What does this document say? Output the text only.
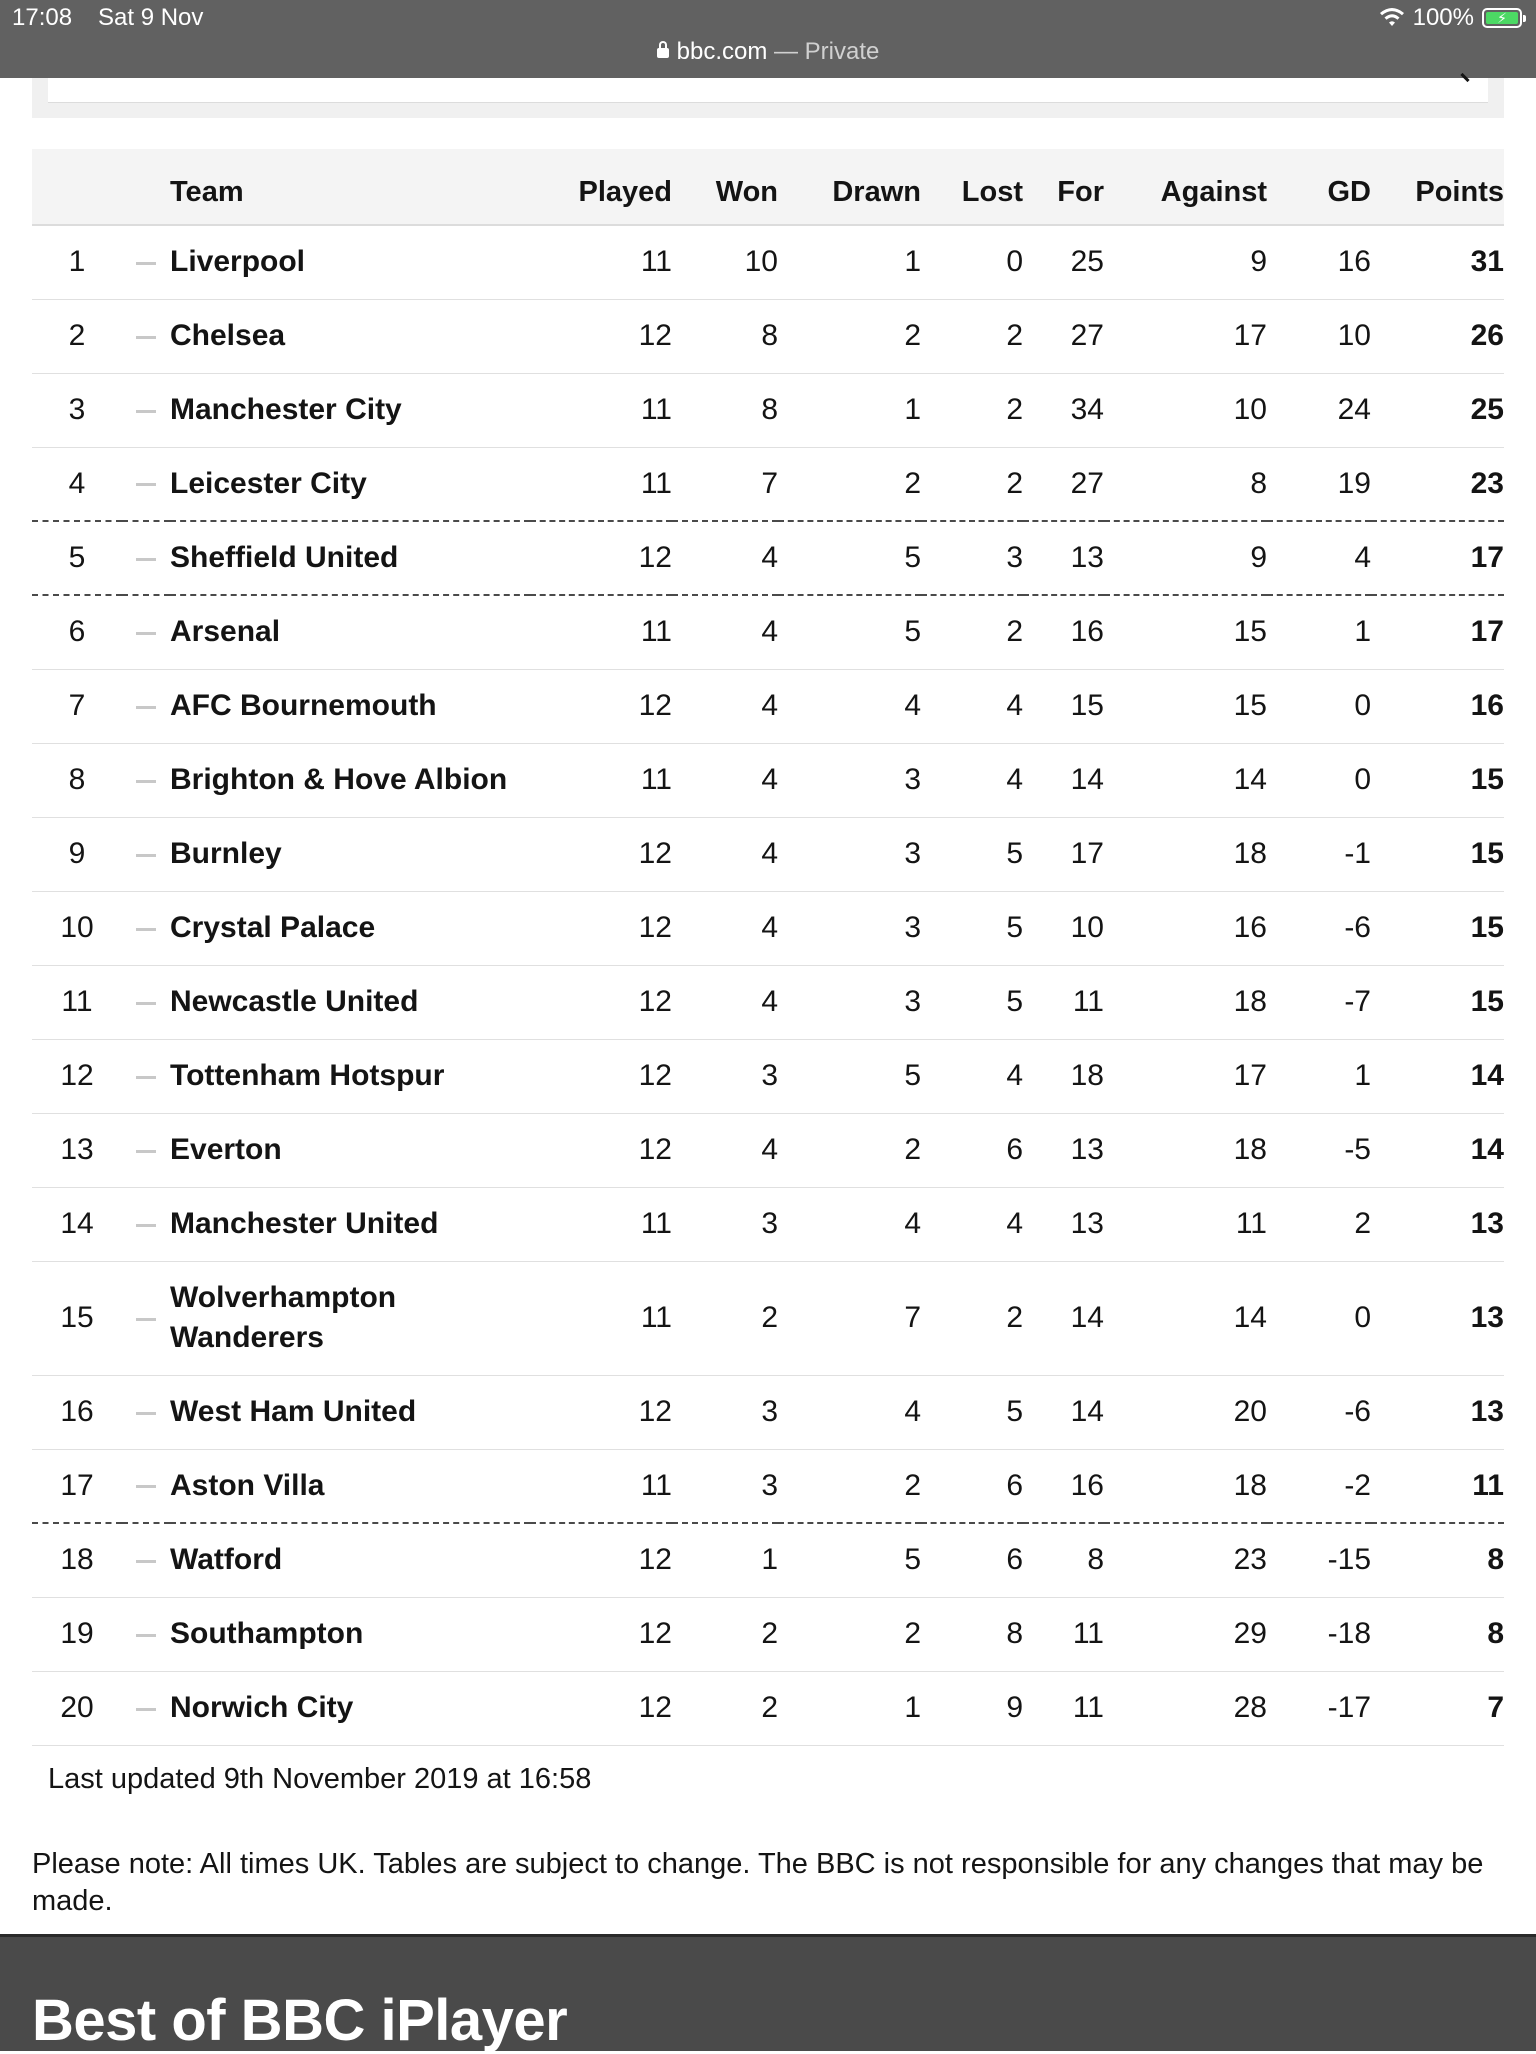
17:08 Sat 9 Nov	100% ⚡
bbc.com — Private
		Team	Played	Won	Drawn	Lost	For	Against	GD	Points
1		Liverpool	11	10	1	0	25	9	16	31
2		Chelsea	12	8	2	2	27	17	10	26
3		Manchester City	11	8	1	2	34	10	24	25
4		Leicester City	11	7	2	2	27	8	19	23
5		Sheffield United	12	4	5	3	13	9	4	17
6		Arsenal	11	4	5	2	16	15	1	17
7		AFC Bournemouth	12	4	4	4	15	15	0	16
8		Brighton & Hove Albion	11	4	3	4	14	14	0	15
9		Burnley	12	4	3	5	17	18	-1	15
10		Crystal Palace	12	4	3	5	10	16	-6	15
11		Newcastle United	12	4	3	5	11	18	-7	15
12		Tottenham Hotspur	12	3	5	4	18	17	1	14
13		Everton	12	4	2	6	13	18	-5	14
14		Manchester United	11	3	4	4	13	11	2	13
15		Wolverhampton Wanderers	11	2	7	2	14	14	0	13
16		West Ham United	12	3	4	5	14	20	-6	13
17		Aston Villa	11	3	2	6	16	18	-2	11
18		Watford	12	1	5	6	8	23	-15	8
19		Southampton	12	2	2	8	11	29	-18	8
20		Norwich City	12	2	1	9	11	28	-17	7
Last updated 9th November 2019 at 16:58
Please note: All times UK. Tables are subject to change. The BBC is not responsible for any changes that may be made.
Best of BBC iPlayer
